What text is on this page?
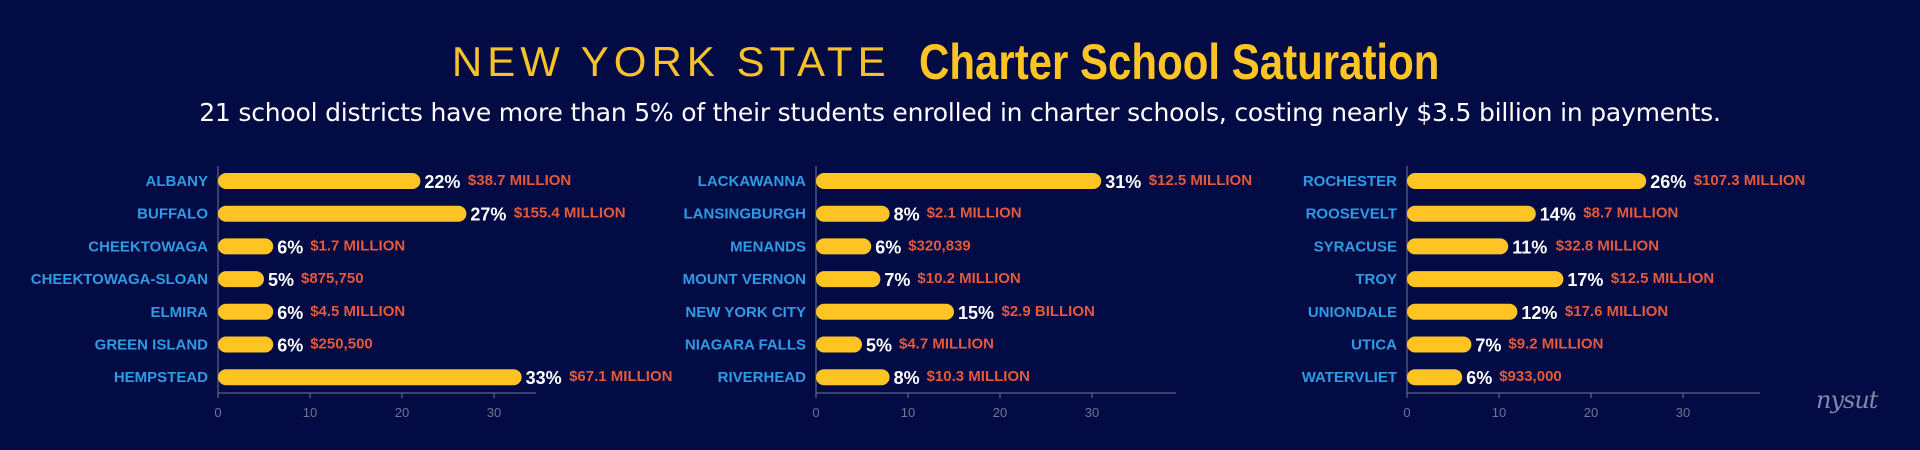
NEW YORK STATE Charter School Saturation
21 school districts have more than 5% of their students enrolled in charter schools, costing nearly $3.5 billion in payments.
0	10	20	30
ALBANY	22% $38.7 MILLION
BUFFALO	27% $155.4 MILLION
CHEEKTOWAGA	6% $1.7 MILLION
CHEEKTOWAGA-SLOAN	5% $875,750
ELMIRA	6% $4.5 MILLION
GREEN ISLAND	6% $250,500
HEMPSTEAD	33% $67.1 MILLION
0	10	20	30
LACKAWANNA	31% $12.5 MILLION
LANSINGBURGH	8% $2.1 MILLION
MENANDS	6% $320,839
MOUNT VERNON	7% $10.2 MILLION
NEW YORK CITY	15% $2.9 BILLION
NIAGARA FALLS	5% $4.7 MILLION
RIVERHEAD	8% $10.3 MILLION
0	10	20	30
ROCHESTER	26% $107.3 MILLION
ROOSEVELT	14% $8.7 MILLION
SYRACUSE	11% $32.8 MILLION
TROY	17% $12.5 MILLION
UNIONDALE	12% $17.6 MILLION
UTICA	7% $9.2 MILLION
WATERVLIET	6% $933,000
nysut
